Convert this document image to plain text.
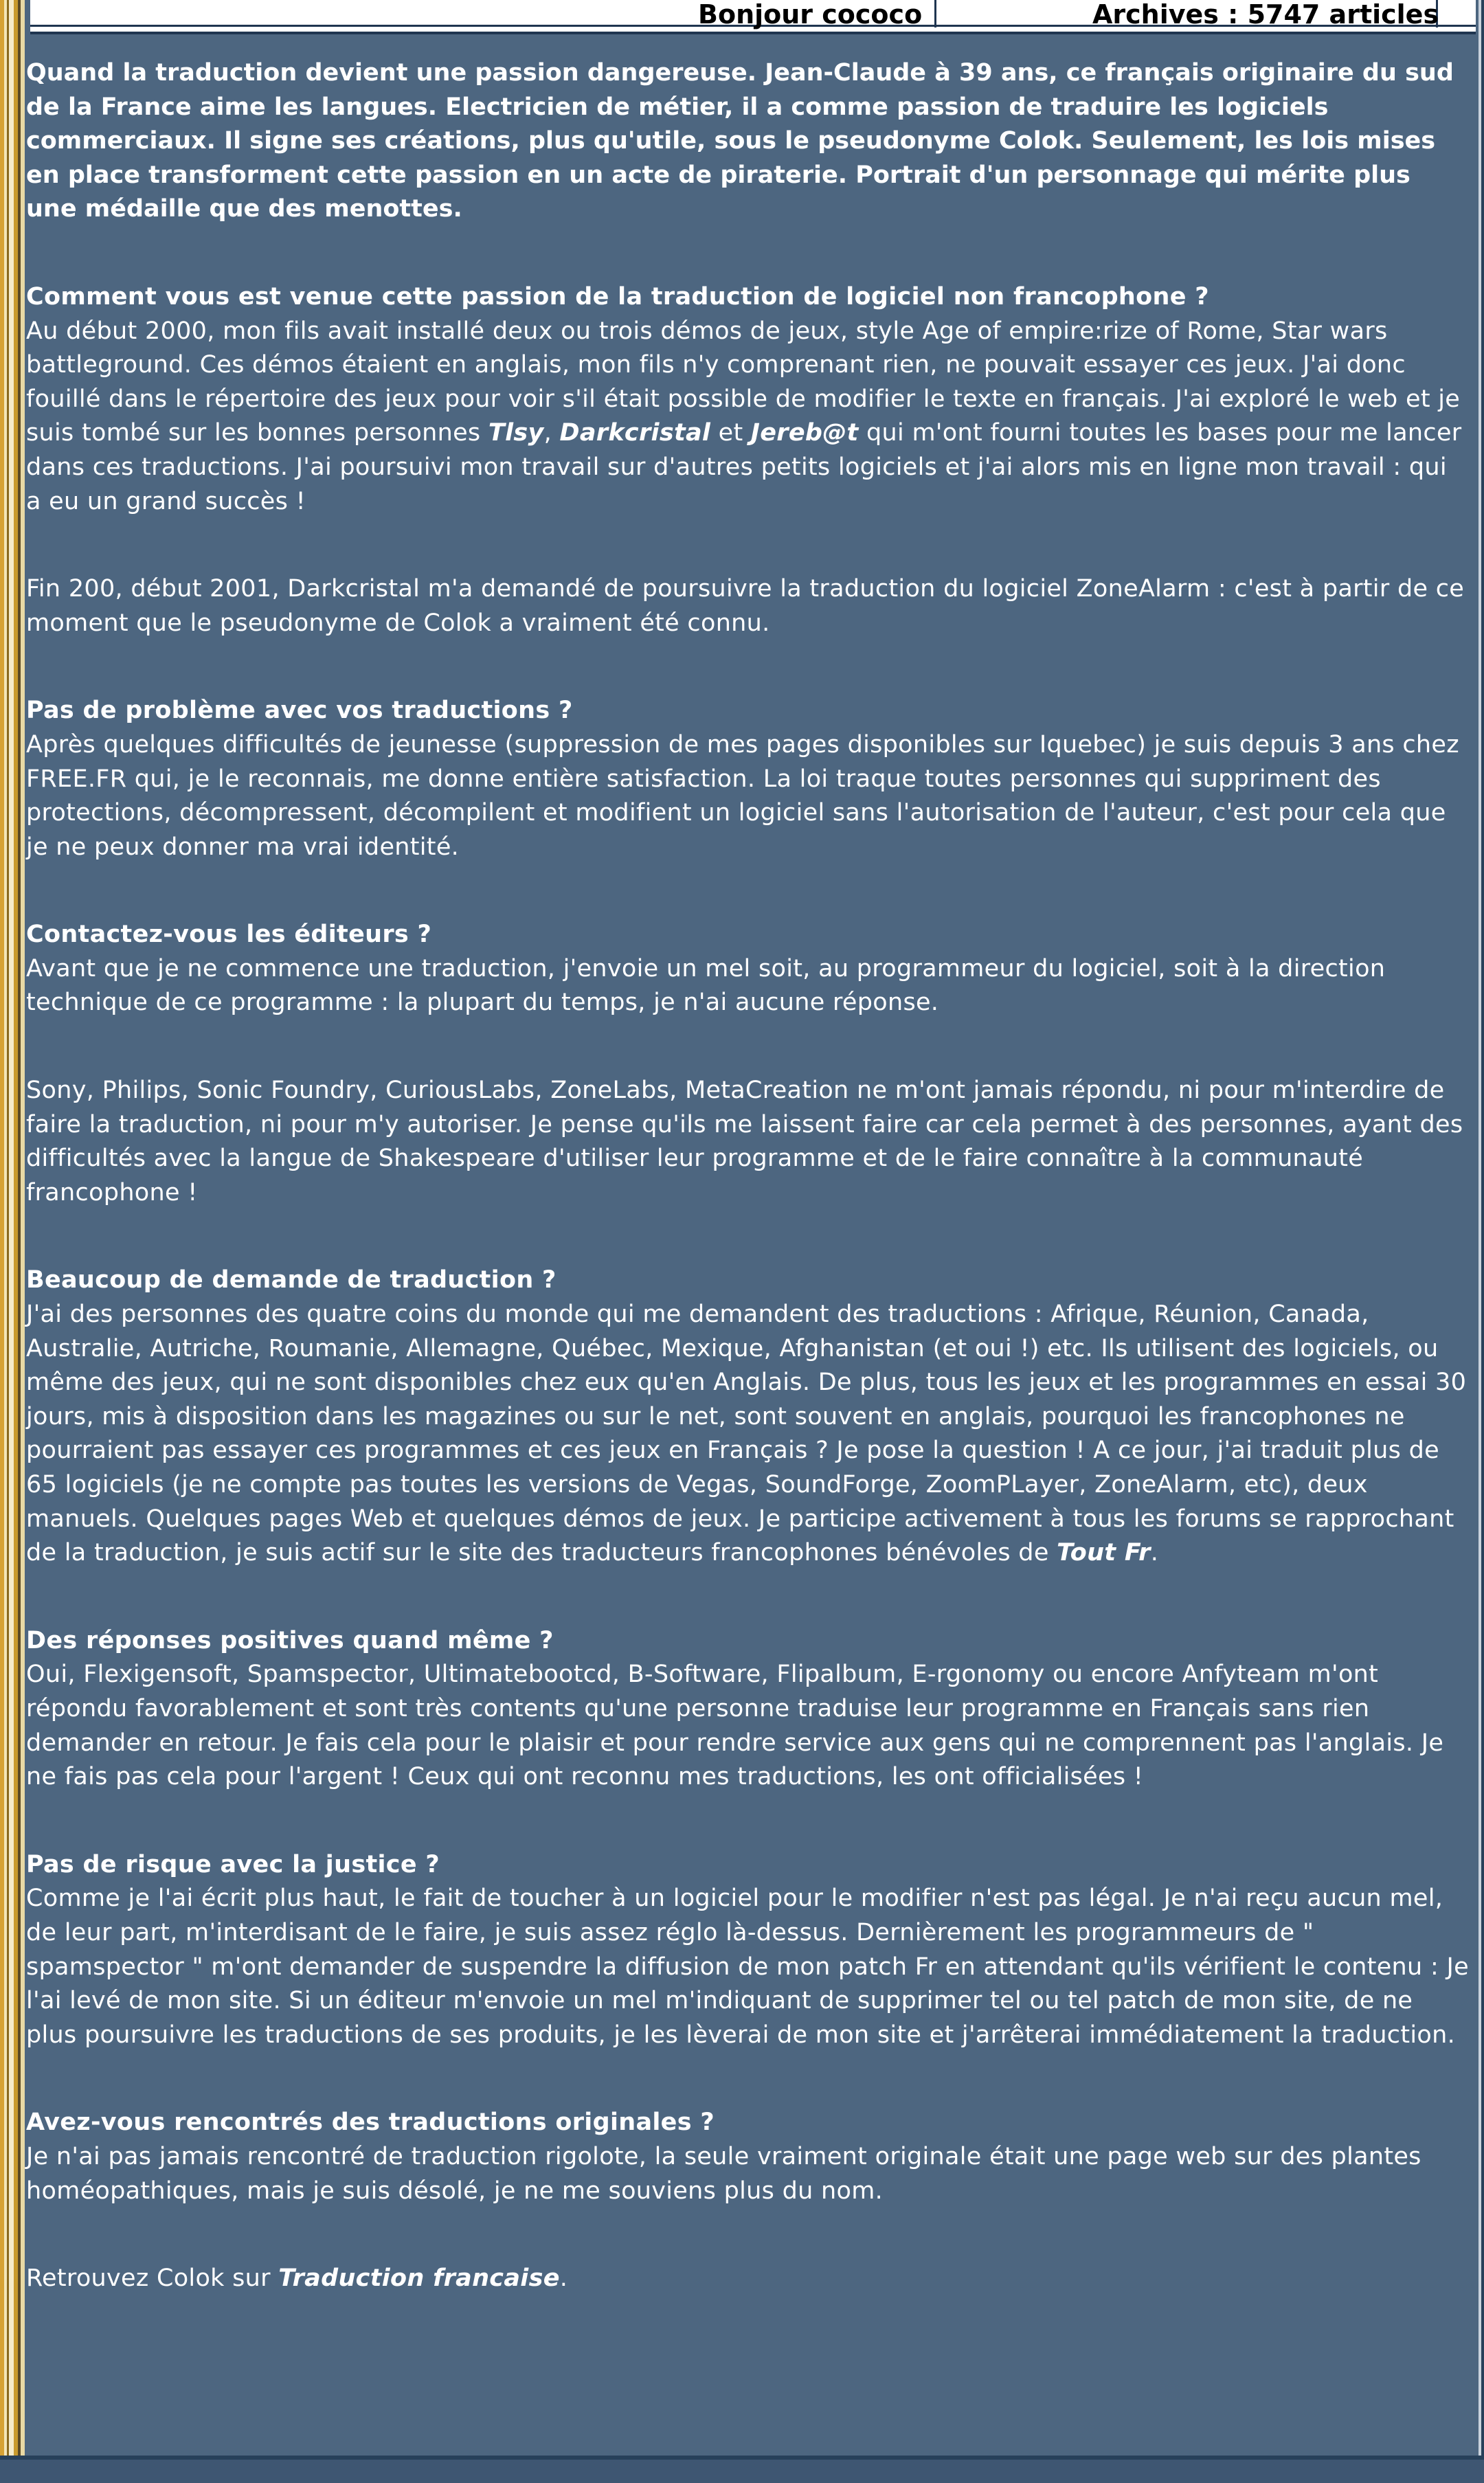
Bonjour cococo	Archives : 5747 articles

Quand la traduction devient une passion dangereuse. Jean-Claude à 39 ans, ce français originaire du sud de la France aime les langues. Electricien de métier, il a comme passion de traduire les logiciels commerciaux. Il signe ses créations, plus qu'utile, sous le pseudonyme Colok. Seulement, les lois mises en place transforment cette passion en un acte de piraterie. Portrait d'un personnage qui mérite plus une médaille que des menottes.

Comment vous est venue cette passion de la traduction de logiciel non francophone ?
Au début 2000, mon fils avait installé deux ou trois démos de jeux, style Age of empire:rize of Rome, Star wars battleground. Ces démos étaient en anglais, mon fils n'y comprenant rien, ne pouvait essayer ces jeux. J'ai donc fouillé dans le répertoire des jeux pour voir s'il était possible de modifier le texte en français. J'ai exploré le web et je suis tombé sur les bonnes personnes Tlsy, Darkcristal et Jereb@t qui m'ont fourni toutes les bases pour me lancer dans ces traductions. J'ai poursuivi mon travail sur d'autres petits logiciels et j'ai alors mis en ligne mon travail : qui a eu un grand succès !

Fin 200, début 2001, Darkcristal m'a demandé de poursuivre la traduction du logiciel ZoneAlarm : c'est à partir de ce moment que le pseudonyme de Colok a vraiment été connu.

Pas de problème avec vos traductions ?
Après quelques difficultés de jeunesse (suppression de mes pages disponibles sur Iquebec) je suis depuis 3 ans chez FREE.FR qui, je le reconnais, me donne entière satisfaction. La loi traque toutes personnes qui suppriment des protections, décompressent, décompilent et modifient un logiciel sans l'autorisation de l'auteur, c'est pour cela que je ne peux donner ma vrai identité.

Contactez-vous les éditeurs ?
Avant que je ne commence une traduction, j'envoie un mel soit, au programmeur du logiciel, soit à la direction technique de ce programme : la plupart du temps, je n'ai aucune réponse.

Sony, Philips, Sonic Foundry, CuriousLabs, ZoneLabs, MetaCreation ne m'ont jamais répondu, ni pour m'interdire de faire la traduction, ni pour m'y autoriser. Je pense qu'ils me laissent faire car cela permet à des personnes, ayant des difficultés avec la langue de Shakespeare d'utiliser leur programme et de le faire connaître à la communauté francophone !

Beaucoup de demande de traduction ?
J'ai des personnes des quatre coins du monde qui me demandent des traductions : Afrique, Réunion, Canada, Australie, Autriche, Roumanie, Allemagne, Québec, Mexique, Afghanistan (et oui !) etc. Ils utilisent des logiciels, ou même des jeux, qui ne sont disponibles chez eux qu'en Anglais. De plus, tous les jeux et les programmes en essai 30 jours, mis à disposition dans les magazines ou sur le net, sont souvent en anglais, pourquoi les francophones ne pourraient pas essayer ces programmes et ces jeux en Français ? Je pose la question ! A ce jour, j'ai traduit plus de 65 logiciels (je ne compte pas toutes les versions de Vegas, SoundForge, ZoomPLayer, ZoneAlarm, etc), deux manuels. Quelques pages Web et quelques démos de jeux. Je participe activement à tous les forums se rapprochant de la traduction, je suis actif sur le site des traducteurs francophones bénévoles de Tout Fr.

Des réponses positives quand même ?
Oui, Flexigensoft, Spamspector, Ultimatebootcd, B-Software, Flipalbum, E-rgonomy ou encore Anfyteam m'ont répondu favorablement et sont très contents qu'une personne traduise leur programme en Français sans rien demander en retour. Je fais cela pour le plaisir et pour rendre service aux gens qui ne comprennent pas l'anglais. Je ne fais pas cela pour l'argent ! Ceux qui ont reconnu mes traductions, les ont officialisées !

Pas de risque avec la justice ?
Comme je l'ai écrit plus haut, le fait de toucher à un logiciel pour le modifier n'est pas légal. Je n'ai reçu aucun mel, de leur part, m'interdisant de le faire, je suis assez réglo là-dessus. Dernièrement les programmeurs de " spamspector " m'ont demander de suspendre la diffusion de mon patch Fr en attendant qu'ils vérifient le contenu : Je l'ai levé de mon site. Si un éditeur m'envoie un mel m'indiquant de supprimer tel ou tel patch de mon site, de ne plus poursuivre les traductions de ses produits, je les lèverai de mon site et j'arrêterai immédiatement la traduction.

Avez-vous rencontrés des traductions originales ?
Je n'ai pas jamais rencontré de traduction rigolote, la seule vraiment originale était une page web sur des plantes homéopathiques, mais je suis désolé, je ne me souviens plus du nom.

Retrouvez Colok sur Traduction francaise.
